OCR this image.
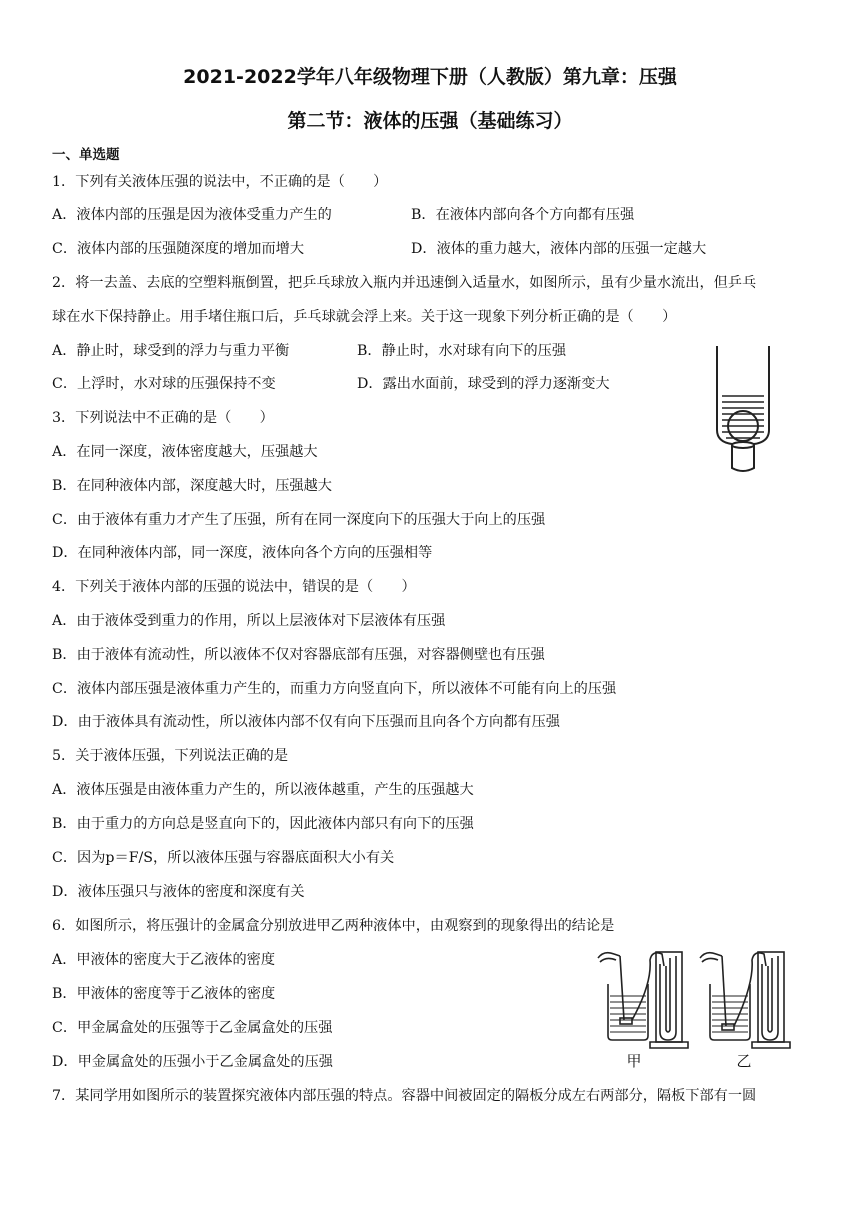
2021-2022学年八年级物理下册（人教版）第九章：压强
第二节：液体的压强（基础练习）
一、单选题
1．下列有关液体压强的说法中，不正确的是（　　）
A．液体内部的压强是因为液体受重力产生的	B．在液体内部向各个方向都有压强
C．液体内部的压强随深度的增加而增大	D．液体的重力越大，液体内部的压强一定越大
2．将一去盖、去底的空塑料瓶倒置，把乒乓球放入瓶内并迅速倒入适量水，如图所示，虽有少量水流出，但乒乓
球在水下保持静止。用手堵住瓶口后，乒乓球就会浮上来。关于这一现象下列分析正确的是（　　）
A．静止时，球受到的浮力与重力平衡	B．静止时，水对球有向下的压强
C．上浮时，水对球的压强保持不变	D．露出水面前，球受到的浮力逐渐变大
3．下列说法中不正确的是（　　）
A．在同一深度，液体密度越大，压强越大
B．在同种液体内部，深度越大时，压强越大
C．由于液体有重力才产生了压强，所有在同一深度向下的压强大于向上的压强
D．在同种液体内部，同一深度，液体向各个方向的压强相等
4．下列关于液体内部的压强的说法中，错误的是（　　）
A．由于液体受到重力的作用，所以上层液体对下层液体有压强
B．由于液体有流动性，所以液体不仅对容器底部有压强，对容器侧壁也有压强
C．液体内部压强是液体重力产生的，而重力方向竖直向下，所以液体不可能有向上的压强
D．由于液体具有流动性，所以液体内部不仅有向下压强而且向各个方向都有压强
5．关于液体压强，下列说法正确的是
A．液体压强是由液体重力产生的，所以液体越重，产生的压强越大
B．由于重力的方向总是竖直向下的，因此液体内部只有向下的压强
C．因为p＝F/S，所以液体压强与容器底面积大小有关
D．液体压强只与液体的密度和深度有关
6．如图所示，将压强计的金属盒分别放进甲乙两种液体中，由观察到的现象得出的结论是
A．甲液体的密度大于乙液体的密度
B．甲液体的密度等于乙液体的密度
C．甲金属盒处的压强等于乙金属盒处的压强
D．甲金属盒处的压强小于乙金属盒处的压强	甲	乙
7．某同学用如图所示的装置探究液体内部压强的特点。容器中间被固定的隔板分成左右两部分，隔板下部有一圆
